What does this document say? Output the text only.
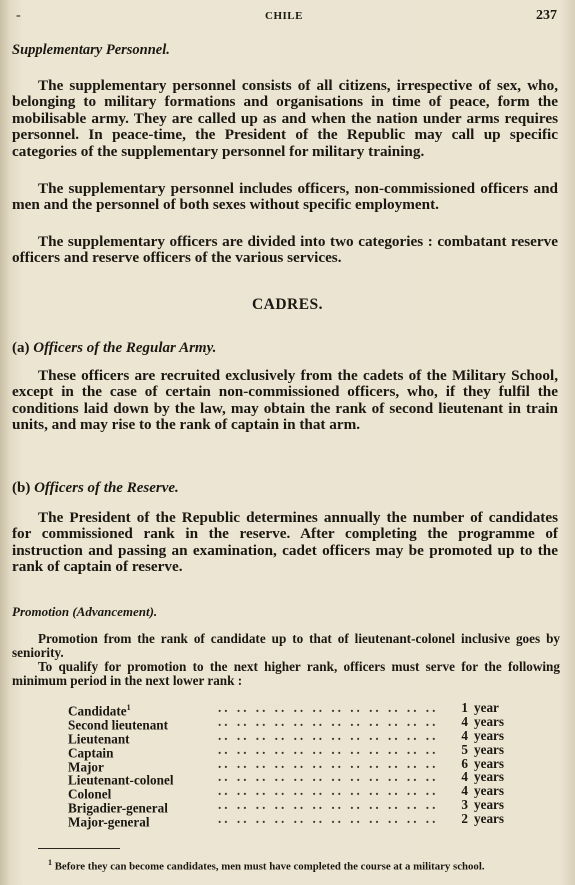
-	CHILE	237
Supplementary Personnel.

The supplementary personnel consists of all citizens, irrespective of sex, who, belonging to military formations and organisations in time of peace, form the mobilisable army. They are called up as and when the nation under arms requires personnel. In peace-time, the President of the Republic may call up specific categories of the supplementary personnel for military training.

The supplementary personnel includes officers, non-commissioned officers and men and the personnel of both sexes without specific employment.

The supplementary officers are divided into two categories : combatant reserve officers and reserve officers of the various services.

CADRES.
(a) Officers of the Regular Army.

These officers are recruited exclusively from the cadets of the Military School, except in the case of certain non-commissioned officers, who, if they fulfil the conditions laid down by the law, may obtain the rank of second lieutenant in train units, and may rise to the rank of captain in that arm.

(b) Officers of the Reserve.

The President of the Republic determines annually the number of candidates for commissioned rank in the reserve. After completing the programme of instruction and passing an examination, cadet officers may be promoted up to the rank of captain of reserve.

Promotion (Advancement).

Promotion from the rank of candidate up to that of lieutenant-colonel inclusive goes by seniority.

To qualify for promotion to the next higher rank, officers must serve for the following minimum period in the next lower rank :

Candidate$^1$	.. .. .. .. .. .. .. .. .. .. .. ..	1 year
Second lieutenant	.. .. .. .. .. .. .. .. .. .. .. ..	4 years
Lieutenant	.. .. .. .. .. .. .. .. .. .. .. ..	4 years
Captain	.. .. .. .. .. .. .. .. .. .. .. ..	5 years
Major	.. .. .. .. .. .. .. .. .. .. .. ..	6 years
Lieutenant-colonel	.. .. .. .. .. .. .. .. .. .. .. ..	4 years
Colonel	.. .. .. .. .. .. .. .. .. .. .. ..	4 years
Brigadier-general	.. .. .. .. .. .. .. .. .. .. .. ..	3 years
Major-general	.. .. .. .. .. .. .. .. .. .. .. ..	2 years
$^1$ Before they can become candidates, men must have completed the course at a military school.
